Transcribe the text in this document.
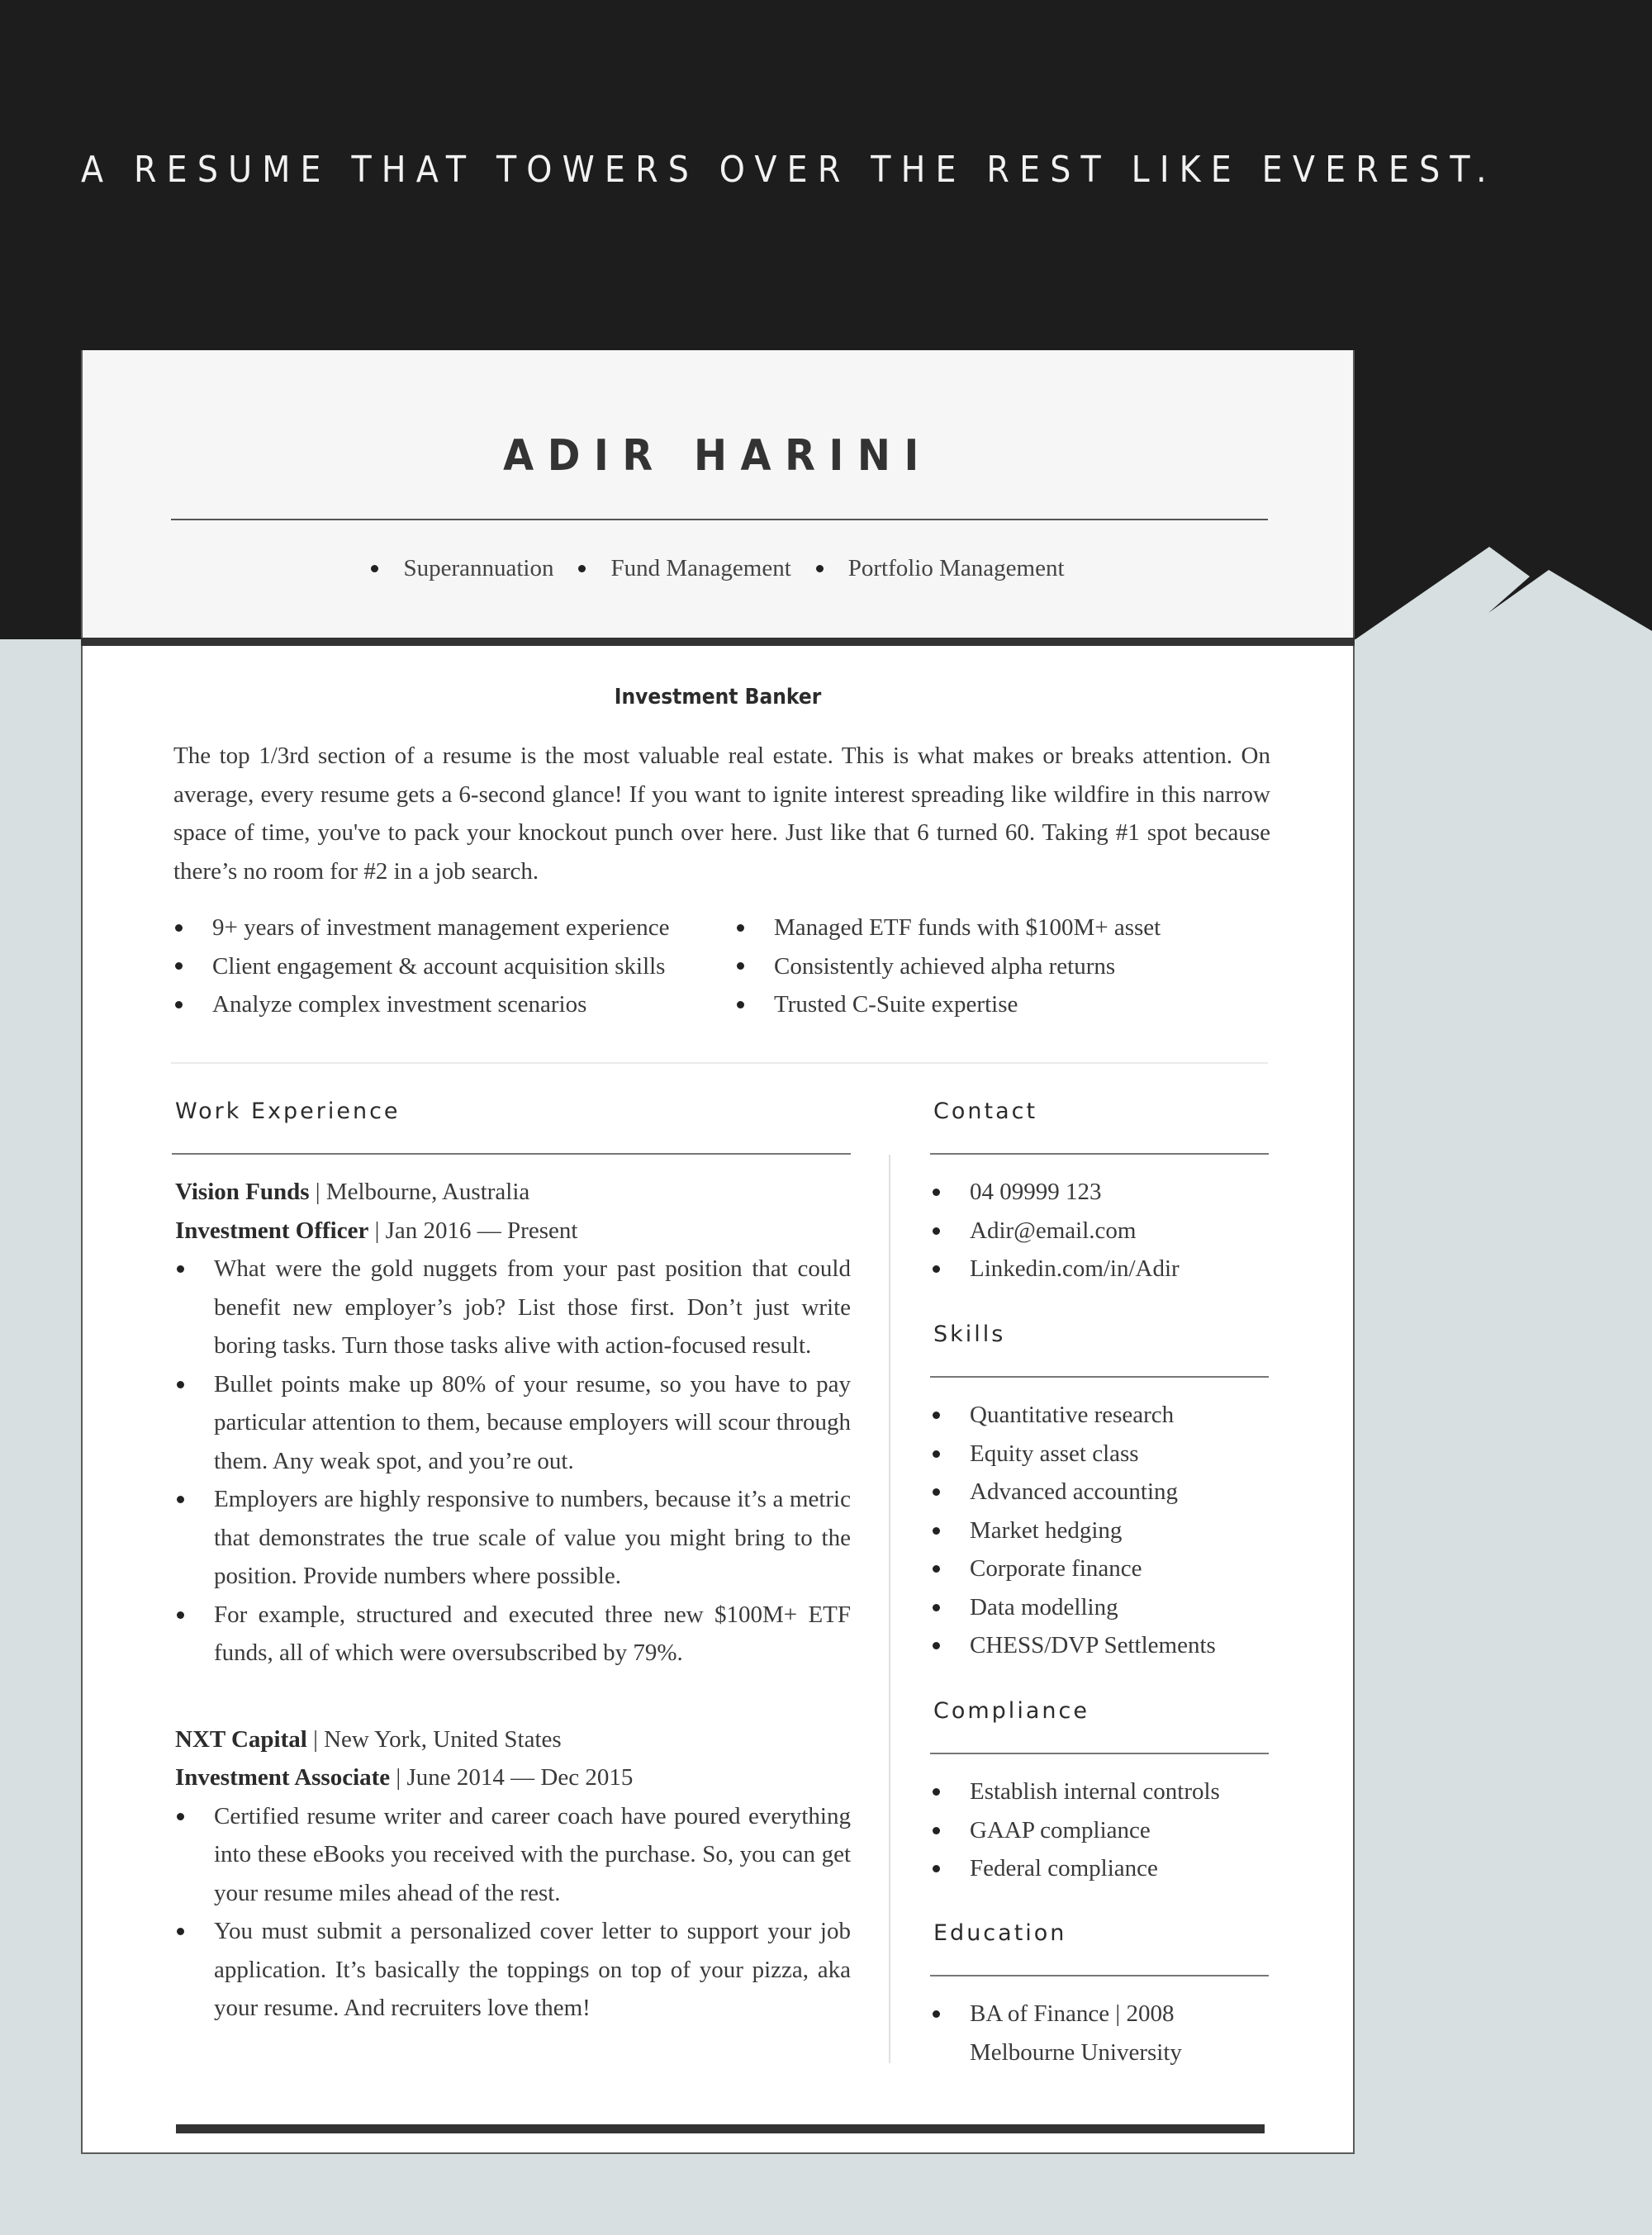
A RESUME THAT TOWERS OVER THE REST LIKE EVEREST.
ADIR HARINI
Superannuation Fund Management Portfolio Management
Investment Banker
The top 1/3rd section of a resume is the most valuable real estate. This is what makes or breaks attention. On average, every resume gets a 6-second glance! If you want to ignite interest spreading like wildfire in this narrow space of time, you've to pack your knockout punch over here. Just like that 6 turned 60. Taking #1 spot because there’s no room for #2 in a job search.
9+ years of investment management experience	Managed ETF funds with $100M+ asset
Client engagement & account acquisition skills	Consistently achieved alpha returns
Analyze complex investment scenarios	Trusted C-Suite expertise
Work Experience
Vision Funds | Melbourne, Australia
Investment Officer | Jan 2016 — Present
What were the gold nuggets from your past position that could benefit new employer’s job? List those first. Don’t just write boring tasks. Turn those tasks alive with action-focused result.
Bullet points make up 80% of your resume, so you have to pay particular attention to them, because employers will scour through them. Any weak spot, and you’re out.
Employers are highly responsive to numbers, because it’s a metric that demonstrates the true scale of value you might bring to the position. Provide numbers where possible.
For example, structured and executed three new $100M+ ETF funds, all of which were oversubscribed by 79%.
NXT Capital | New York, United States
Investment Associate | June 2014 — Dec 2015
Certified resume writer and career coach have poured everything into these eBooks you received with the purchase. So, you can get your resume miles ahead of the rest.
You must submit a personalized cover letter to support your job application. It’s basically the toppings on top of your pizza, aka your resume. And recruiters love them!
Contact
04 09999 123
Adir@email.com
Linkedin.com/in/Adir
Skills
Quantitative research
Equity asset class
Advanced accounting
Market hedging
Corporate finance
Data modelling
CHESS/DVP Settlements
Compliance
Establish internal controls
GAAP compliance
Federal compliance
Education
BA of Finance | 2008
Melbourne University
